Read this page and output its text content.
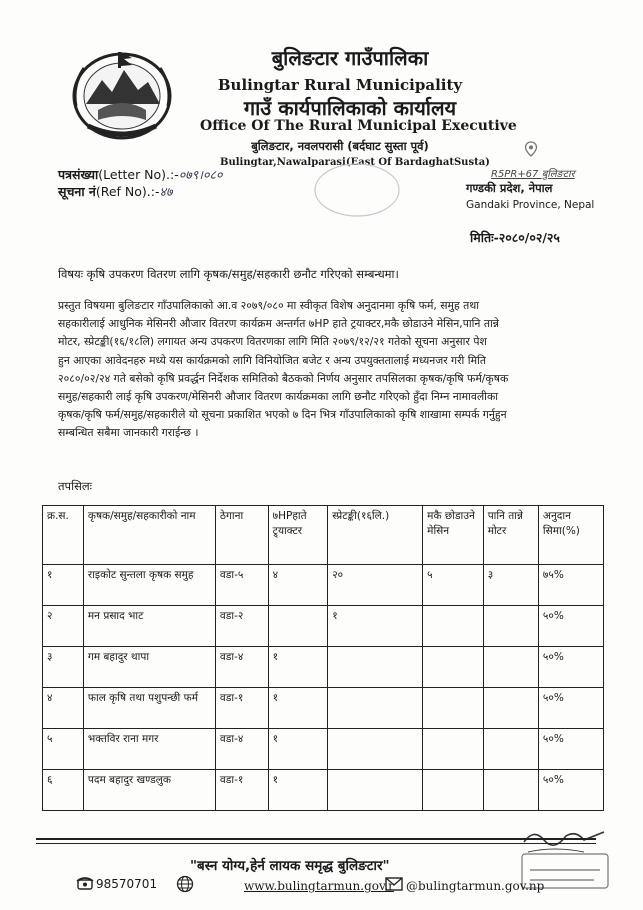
बुलिङटार गाउँपालिका
Bulingtar Rural Municipality
गाउँ कार्यपालिकाको कार्यालय
Office Of The Rural Municipal Executive
बुलिङटार, नवलपरासी (बर्दघाट सुस्ता पूर्व)
Bulingtar,Nawalparasi(East Of BardaghatSusta)
पत्रसंख्या(Letter No).:-०७९।०८०
सूचना नं(Ref No).:-४७
R5PR+67 बुलिङटार
गण्डकी प्रदेश, नेपाल
Gandaki Province, Nepal
मितिः-२०८०/०२/२५
विषयः कृषि उपकरण वितरण लागि कृषक/समुह/सहकारी छनौट गरिएको सम्बन्धमा।
प्रस्तुत विषयमा बुलिङटार गाँउपालिकाको आ.व २०७९/०८० मा स्वीकृत विशेष अनुदानमा कृषि फर्म, समुह तथा
सहकारीलाई आधुनिक मेसिनरी औजार वितरण कार्यक्रम अन्तर्गत ७HP हाते ट्रयाक्टर,मकै छोडाउने मेसिन,पानि तान्ने
मोटर, स्प्रेटङ्की(१६/१८लि) लगायत अन्य उपकरण वितरणका लागि मिति २०७९/१२/२१ गतेको सूचना अनुसार पेश
हुन आएका आवेदनहरु मध्ये यस कार्यक्रमको लागि विनियोजित बजेट र अन्य उपयुक्ततालाई मध्यनजर गरी मिति
२०८०/०२/२४ गते बसेको कृषि प्रवर्द्धन निर्देशक समितिको बैठकको निर्णय अनुसार तपसिलका कृषक/कृषि फर्म/कृषक
समुह/सहकारी लाई कृषि उपकरण/मेसिनरी औजार वितरण कार्यक्रमका लागि छनौट गरिएको हुँदा निम्न नामावलीका
कृषक/कृषि फर्म/समुह/सहकारीले यो सूचना प्रकाशित भएको ७ दिन भित्र गाँउपालिकाको कृषि शाखामा सम्पर्क गर्नुहुन
सम्बन्धित सबैमा जानकारी गराईन्छ ।
तपसिलः
क्र.स.	कृषक/समुह/सहकारीको नाम	ठेगाना	७HPहाते ट्र्याक्टर	स्प्रेटङ्की(१६लि.)	मकै छोडाउने मेसिन	पानि तान्ने मोटर	अनुदान सिमा(%)
१	राइकोट सुन्तला कृषक समुह	वडा-५	४	२०	५	३	७५%
२	मन प्रसाद भाट	वडा-२		१			५०%
३	गम बहादुर थापा	वडा-४	१				५०%
४	फाल कृषि तथा पशुपन्छी फर्म	वडा-१	१				५०%
५	भक्तविर राना मगर	वडा-४	१				५०%
६	पदम बहादुर खण्डलुक	वडा-१	१				५०%
"बस्न योग्य,हेर्न लायक समृद्ध बुलिङटार"
98570701	www.bulingtarmun.gov.r @bulingtarmun.gov.np
